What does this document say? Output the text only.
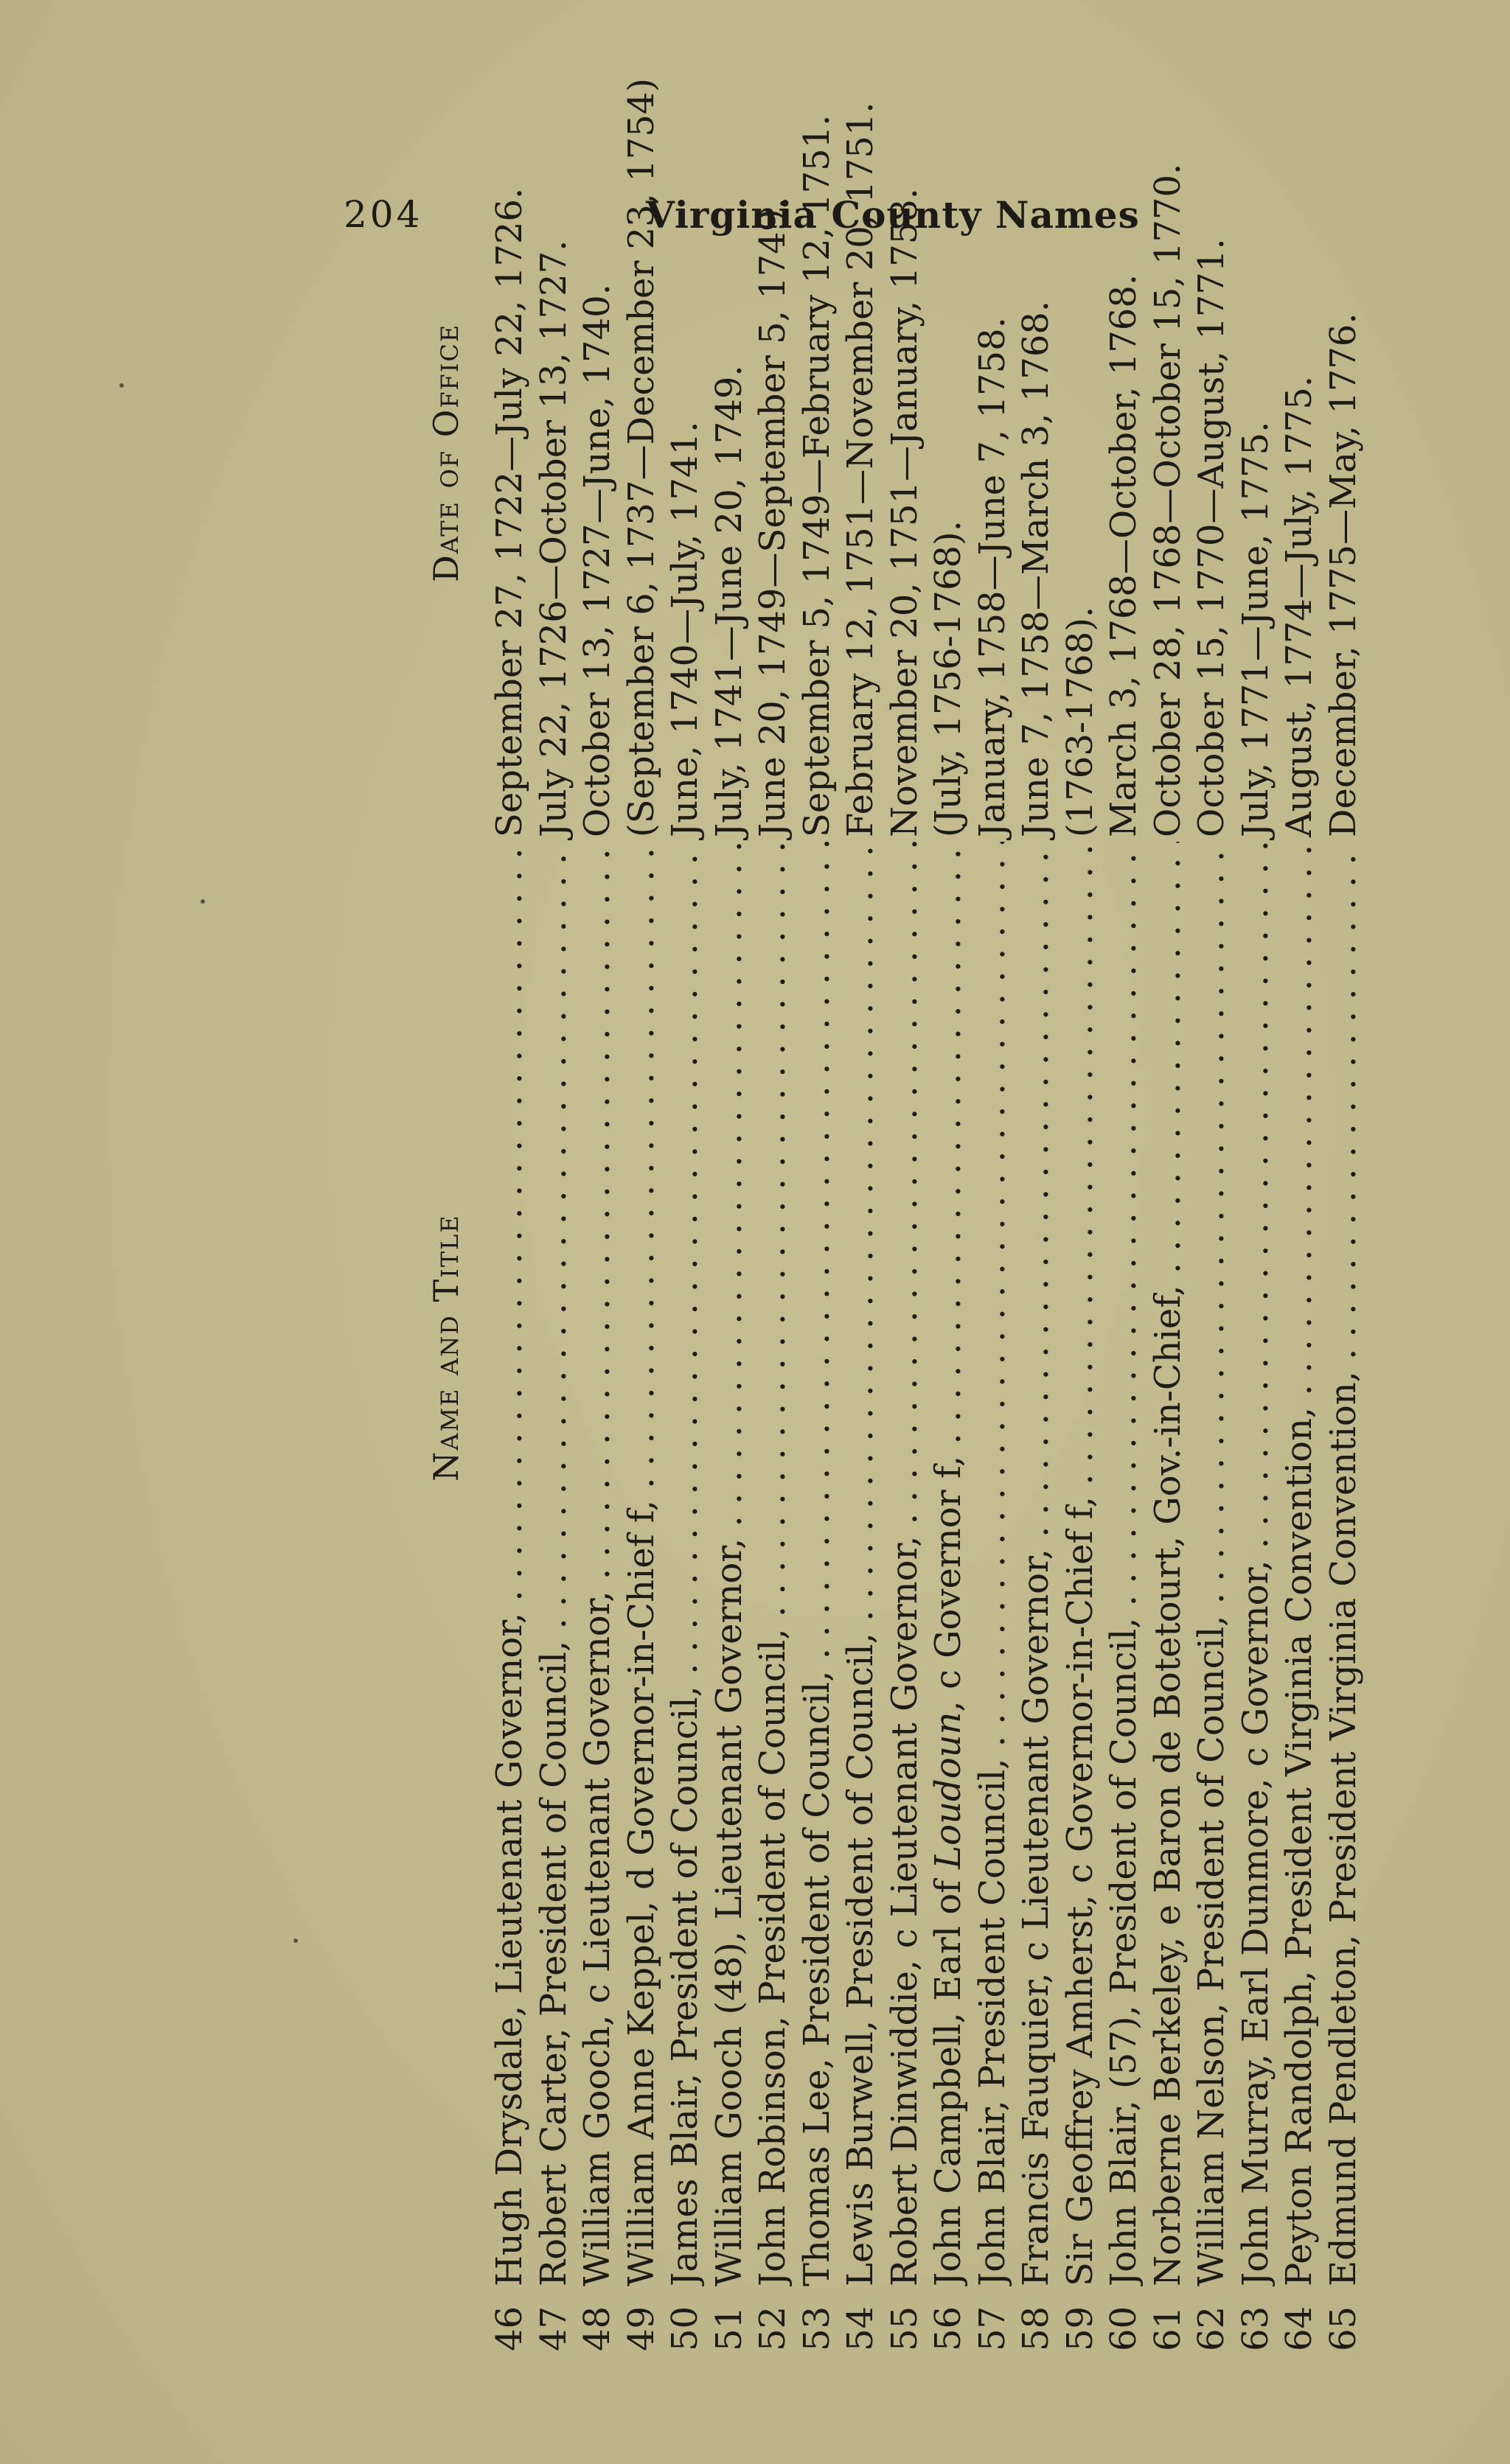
204	Virginia County Names
Name and Title
Date of Office
46
Hugh Drysdale, Lieutenant Governor, . . .
September 27, 1722—July 22, 1726.
47
Robert Carter, President of Council, . . .
July 22, 1726—October 13, 1727.
48
William Gooch, c Lieutenant Governor, . . .
October 13, 1727—June, 1740.
49
William Anne Keppel, d Governor-in-Chief f, . . .
(September 6, 1737—December 23, 1754)
50
James Blair, President of Council, . . .
June, 1740—July, 1741.
51
William Gooch (48), Lieutenant Governor, . . .
July, 1741—June 20, 1749.
52
John Robinson, President of Council, . . .
June 20, 1749—September 5, 1749.
53
Thomas Lee, President of Council, . . .
September 5, 1749—February 12, 1751.
54
Lewis Burwell, President of Council, . . .
February 12, 1751—November 20, 1751.
55
Robert Dinwiddie, c Lieutenant Governor, . . .
November 20, 1751—January, 1758.
56
John Campbell, Earl of Loudoun, c Governor f, . . .
(July, 1756-1768).
57
John Blair, President Council, . . .
January, 1758—June 7, 1758.
58
Francis Fauquier, c Lieutenant Governor, . . .
June 7, 1758—March 3, 1768.
59
Sir Geoffrey Amherst, c Governor-in-Chief f, . . .
(1763-1768).
60
John Blair, (57), President of Council, . . .
March 3, 1768—October, 1768.
61
Norberne Berkeley, e Baron de Botetourt, Gov.-in-Chief, . . .
October 28, 1768—October 15, 1770.
62
William Nelson, President of Council, . . .
October 15, 1770—August, 1771.
63
John Murray, Earl Dunmore, c Governor, . . .
July, 1771—June, 1775.
64
Peyton Randolph, President Virginia Convention, . . .
August, 1774—July, 1775.
65
Edmund Pendleton, President Virginia Convention, . . .
December, 1775—May, 1776.
